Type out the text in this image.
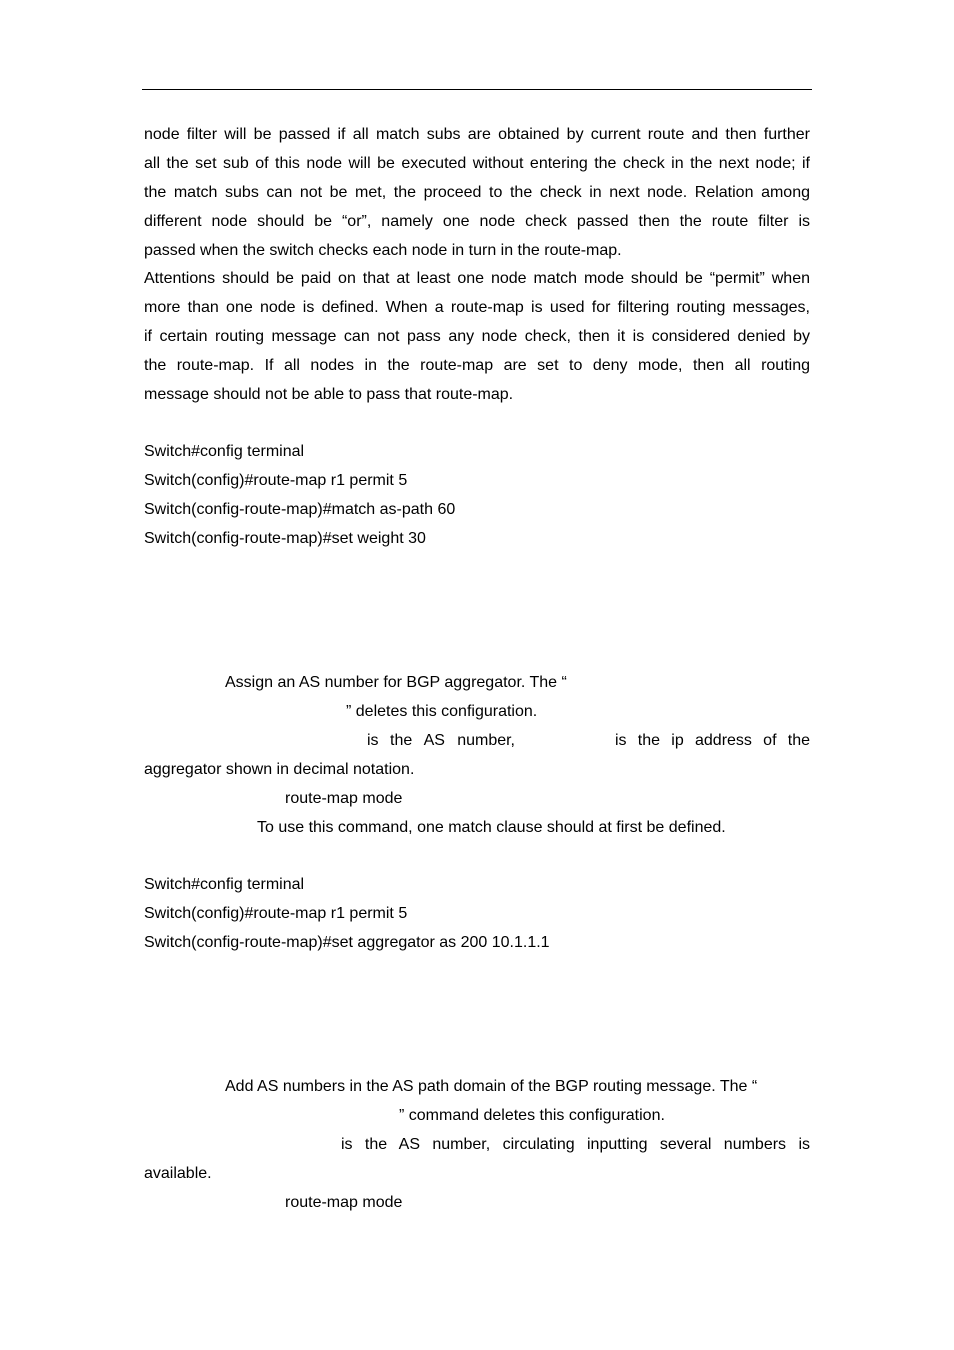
node filter will be passed if all match subs are obtained by current route and then further
all the set sub of this node will be executed without entering the check in the next node; if
the match subs can not be met, the proceed to the check in next node. Relation among
different node should be “or”, namely one node check passed then the route filter is
passed when the switch checks each node in turn in the route-map.
Attentions should be paid on that at least one node match mode should be “permit” when
more than one node is defined. When a route-map is used for filtering routing messages,
if certain routing message can not pass any node check, then it is considered denied by
the route-map. If all nodes in the route-map are set to deny mode, then all routing
message should not be able to pass that route-map.
Switch#config terminal
Switch(config)#route-map r1 permit 5
Switch(config-route-map)#match as-path 60
Switch(config-route-map)#set weight 30
Assign an AS number for BGP aggregator. The “
” deletes this configuration.
is the AS number,	is the ip address of the
aggregator shown in decimal notation.
route-map mode
To use this command, one match clause should at first be defined.
Switch#config terminal
Switch(config)#route-map r1 permit 5
Switch(config-route-map)#set aggregator as 200 10.1.1.1
Add AS numbers in the AS path domain of the BGP routing message. The “
” command deletes this configuration.
is the AS number, circulating inputting several numbers is
available.
route-map mode
